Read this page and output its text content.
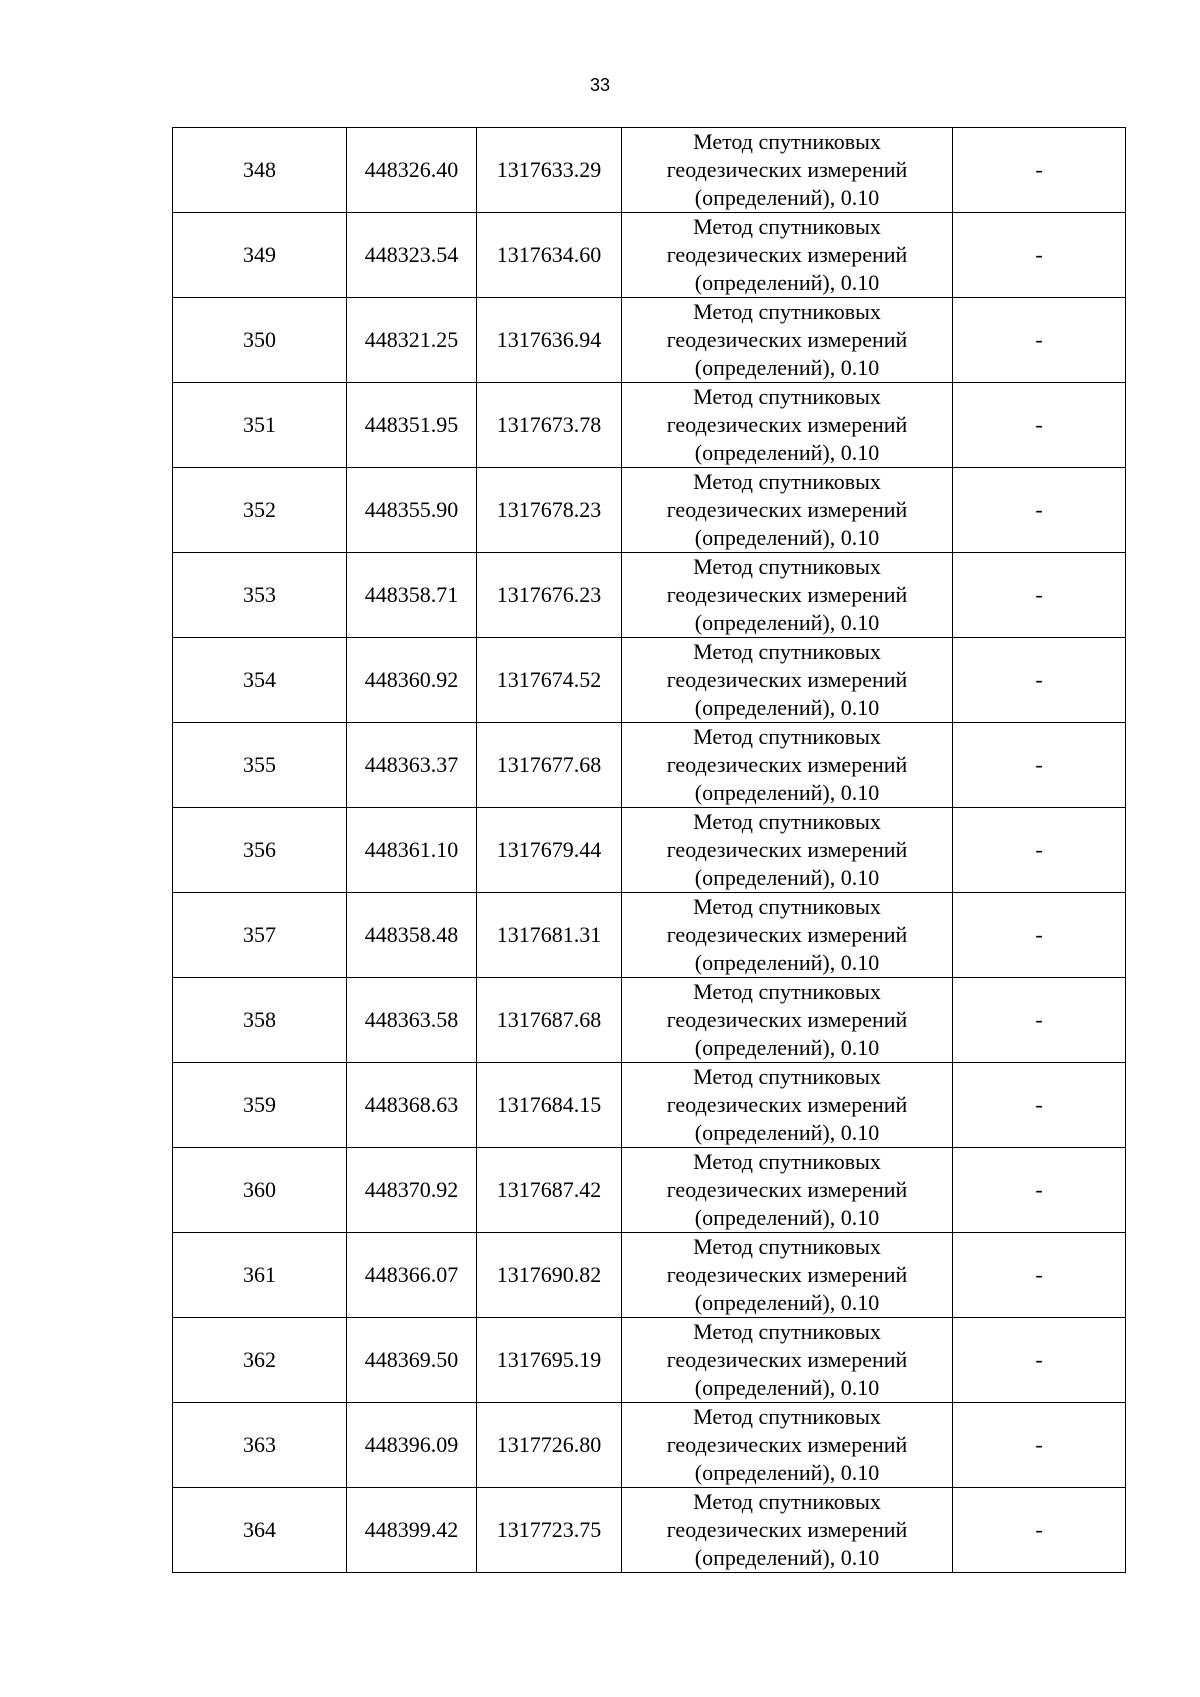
33
348	448326.40	1317633.29	Метод спутниковых
геодезических измерений
(определений), 0.10	-
349	448323.54	1317634.60	Метод спутниковых
геодезических измерений
(определений), 0.10	-
350	448321.25	1317636.94	Метод спутниковых
геодезических измерений
(определений), 0.10	-
351	448351.95	1317673.78	Метод спутниковых
геодезических измерений
(определений), 0.10	-
352	448355.90	1317678.23	Метод спутниковых
геодезических измерений
(определений), 0.10	-
353	448358.71	1317676.23	Метод спутниковых
геодезических измерений
(определений), 0.10	-
354	448360.92	1317674.52	Метод спутниковых
геодезических измерений
(определений), 0.10	-
355	448363.37	1317677.68	Метод спутниковых
геодезических измерений
(определений), 0.10	-
356	448361.10	1317679.44	Метод спутниковых
геодезических измерений
(определений), 0.10	-
357	448358.48	1317681.31	Метод спутниковых
геодезических измерений
(определений), 0.10	-
358	448363.58	1317687.68	Метод спутниковых
геодезических измерений
(определений), 0.10	-
359	448368.63	1317684.15	Метод спутниковых
геодезических измерений
(определений), 0.10	-
360	448370.92	1317687.42	Метод спутниковых
геодезических измерений
(определений), 0.10	-
361	448366.07	1317690.82	Метод спутниковых
геодезических измерений
(определений), 0.10	-
362	448369.50	1317695.19	Метод спутниковых
геодезических измерений
(определений), 0.10	-
363	448396.09	1317726.80	Метод спутниковых
геодезических измерений
(определений), 0.10	-
364	448399.42	1317723.75	Метод спутниковых
геодезических измерений
(определений), 0.10	-
